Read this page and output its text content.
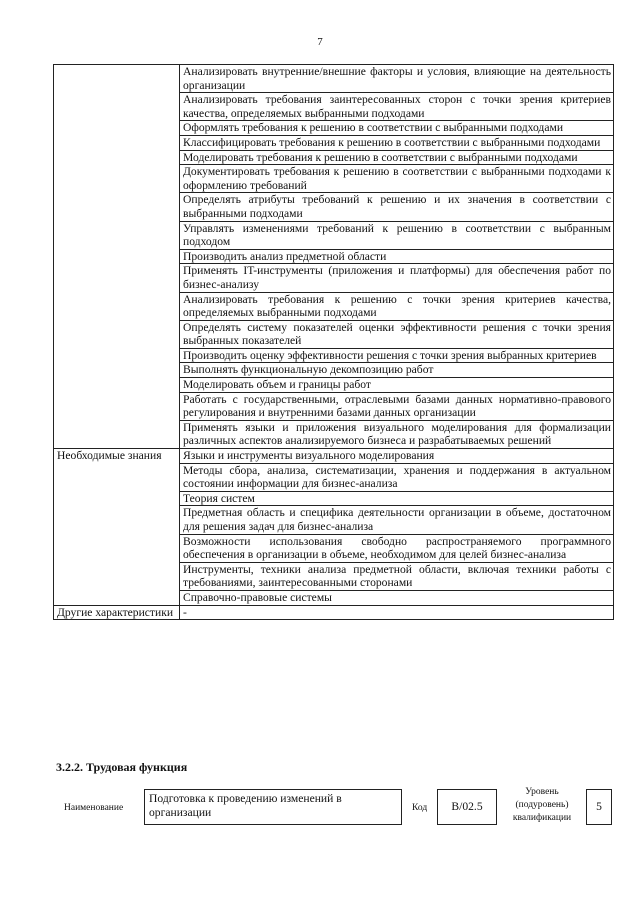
7

	Анализировать внутренние/внешние факторы и условия, влияющие на деятельность организации

	Анализировать требования заинтересованных сторон с точки зрения критериев качества, определяемых выбранными подходами

	Оформлять требования к решению в соответствии с выбранными подходами

	Классифицировать требования к решению в соответствии с выбранными подходами

	Моделировать требования к решению в соответствии с выбранными подходами

	Документировать требования к решению в соответствии с выбранными подходами к оформлению требований

	Определять атрибуты требований к решению и их значения в соответствии с выбранными подходами

	Управлять изменениями требований к решению в соответствии с выбранным подходом

	Производить анализ предметной области

	Применять IT-инструменты (приложения и платформы) для обеспечения работ по бизнес-анализу

	Анализировать требования к решению с точки зрения критериев качества, определяемых выбранными подходами

	Определять систему показателей оценки эффективности решения с точки зрения выбранных показателей

	Производить оценку эффективности решения с точки зрения выбранных критериев

	Выполнять функциональную декомпозицию работ

	Моделировать объем и границы работ

	Работать с государственными, отраслевыми базами данных нормативно-правового регулирования и внутренними базами данных организации

	Применять языки и приложения визуального моделирования для формализации различных аспектов анализируемого бизнеса и разрабатываемых решений

Необходимые знания	Языки и инструменты визуального моделирования

	Методы сбора, анализа, систематизации, хранения и поддержания в актуальном состоянии информации для бизнес-анализа

	Теория систем

	Предметная область и специфика деятельности организации в объеме, достаточном для решения задач для бизнес-анализа

	Возможности использования свободно распространяемого программного обеспечения в организации в объеме, необходимом для целей бизнес-анализа

	Инструменты, техники анализа предметной области, включая техники работы с требованиями, заинтересованными сторонами

	Справочно-правовые системы

Другие характеристики	-
3.2.2. Трудовая функция
Наименование
Подготовка к проведению изменений в организации	Код	B/02.5
Уровень (подуровень) квалификации
5
